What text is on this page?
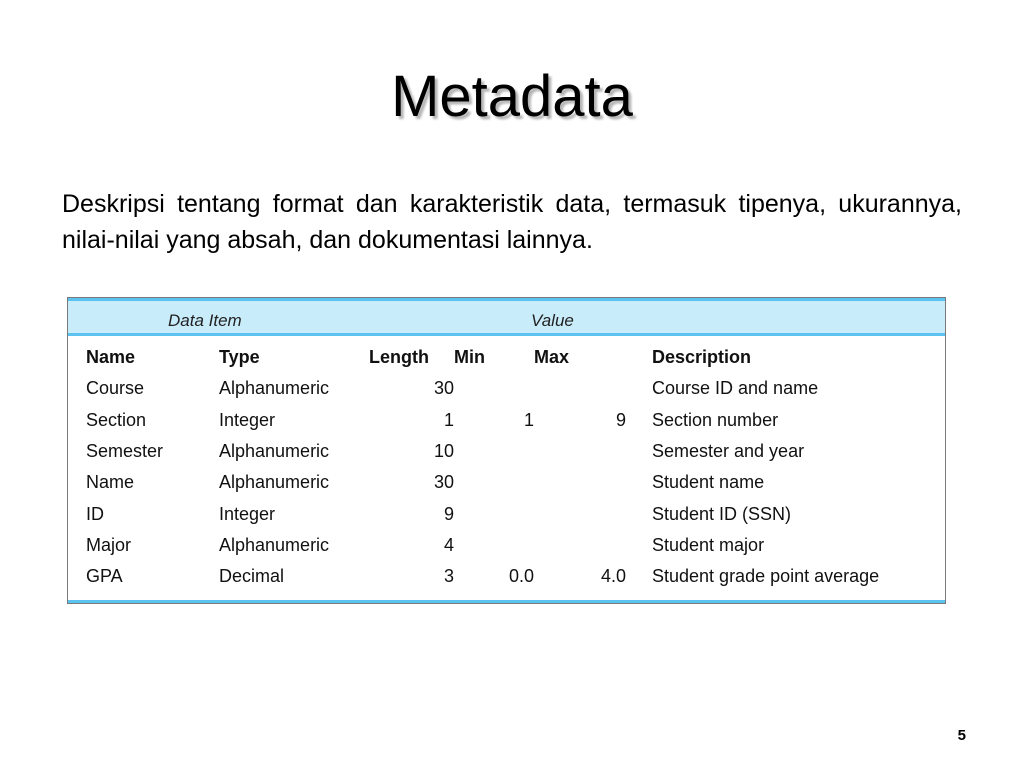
Metadata

Deskripsi tentang format dan karakteristik data, termasuk tipenya, ukurannya, nilai-nilai yang absah, dan dokumentasi lainnya.

Data Item	Value
Name	Type	Length	Min	Max	Description
Course	Alphanumeric	30			Course ID and name
Section	Integer	1	1	9	Section number
Semester	Alphanumeric	10			Semester and year
Name	Alphanumeric	30			Student name
ID	Integer	9			Student ID (SSN)
Major	Alphanumeric	4			Student major
GPA	Decimal	3	0.0	4.0	Student grade point average
5
